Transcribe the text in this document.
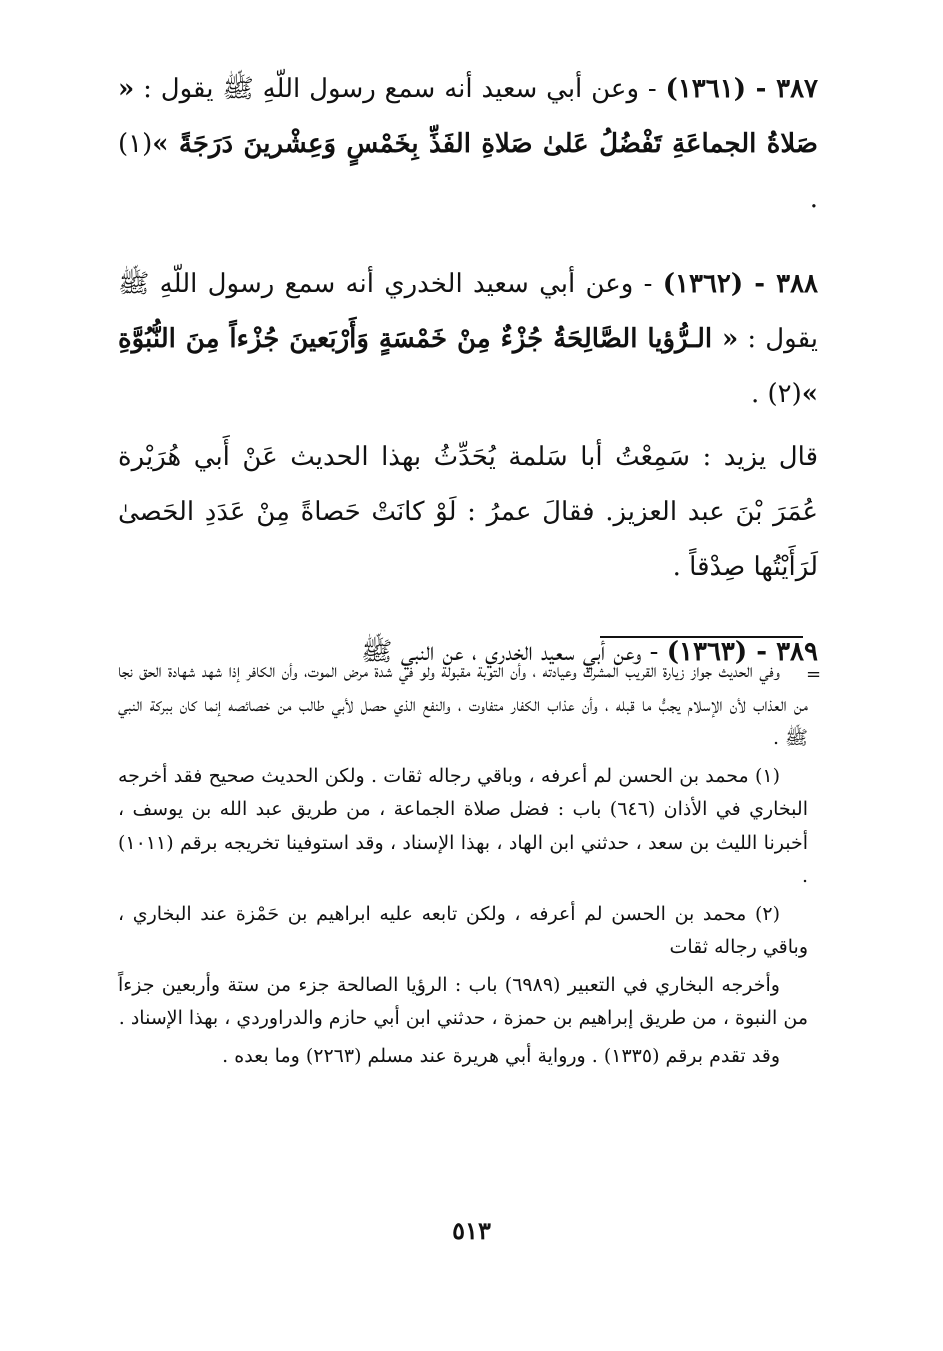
٣٨٧ - (١٣٦١) - وعن أبي سعيد أنه سمع رسول اللّهِ ﷺ يقول : « صَلاةُ الجماعَةِ تَفْضُلُ عَلىٰ صَلاةِ الفَذِّ بِخَمْسٍ وَعِشْرينَ دَرَجَةً »(١) .

٣٨٨ - (١٣٦٢) - وعن أبي سعيد الخدري أنه سمع رسول اللّهِ ﷺ يقول : « الـرُّؤيا الصَّالِحَةُ جُزْءٌ مِنْ خَمْسَةٍ وَأَرْبَعينَ جُزْءاً مِنَ النُّبُوَّةِ »(٢) .

قال يزيد : سَمِعْتُ أبا سَلمة يُحَدِّثُ بهذا الحديث عَنْ أَبي هُرَيْرة عُمَرَ بْنَ عبد العزيز. فقالَ عمرُ : لَوْ كانَتْ حَصاةً مِنْ عَدَدِ الحَصىٰ لَرَأَيْتُها صِدْقاً .

٣٨٩ - (١٣٦٣) - وعن أبي سعيد الخدري ، عن النبي ﷺ

=

وفي الحديث جواز زيارة القريب المشرك وعيادته ، وأن التوبة مقبولة ولو في شدة مرض الموت، وأن الكافر إذا شهد شهادة الحق نجا من العذاب لأن الإسلام يجبُّ ما قبله ، وأن عذاب الكفار متفاوت ، والنفع الذي حصل لأبي طالب من خصائصه إنما كان ببركة النبي ﷺ .

(١) محمد بن الحسن لم أعرفه ، وباقي رجاله ثقات . ولكن الحديث صحيح فقد أخرجه البخاري في الأذان (٦٤٦) باب : فضل صلاة الجماعة ، من طريق عبد الله بن يوسف ، أخبرنا الليث بن سعد ، حدثني ابن الهاد ، بهذا الإسناد ، وقد استوفينا تخريجه برقم (١٠١١) .

(٢) محمد بن الحسن لم أعرفه ، ولكن تابعه عليه ابراهيم بن حَمْزة عند البخاري ، وباقي رجاله ثقات

وأخرجه البخاري في التعبير (٦٩٨٩) باب : الرؤيا الصالحة جزء من ستة وأربعين جزءاً من النبوة ، من طريق إبراهيم بن حمزة ، حدثني ابن أبي حازم والدراوردي ، بهذا الإسناد .

وقد تقدم برقم (١٣٣٥) . ورواية أبي هريرة عند مسلم (٢٢٦٣) وما بعده .

٥١٣
